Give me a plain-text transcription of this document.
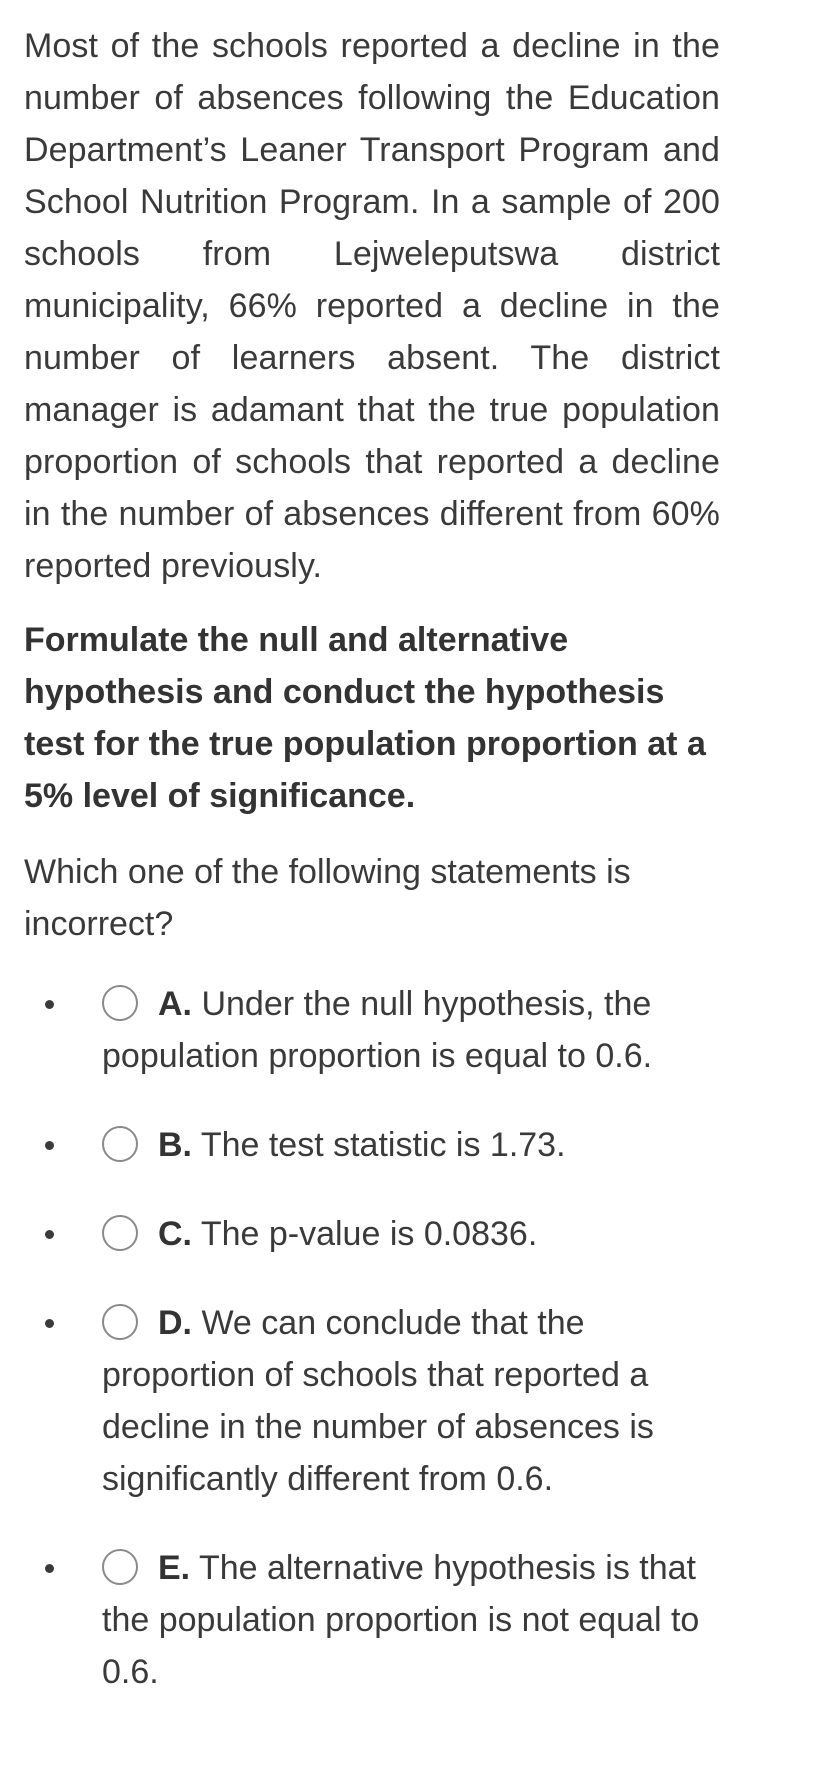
Most of the schools reported a decline in the number of absences following the Education Department’s Leaner Transport Program and School Nutrition Program. In a sample of 200 schools from Lejweleputswa district municipality, 66% reported a decline in the number of learners absent. The district manager is adamant that the true population proportion of schools that reported a decline in the number of absences different from 60% reported previously.

Formulate the null and alternative hypothesis and conduct the hypothesis test for the true population proportion at a 5% level of significance.

Which one of the following statements is incorrect?

A. Under the null hypothesis, the population proportion is equal to 0.6.
B. The test statistic is 1.73.
C. The p-value is 0.0836.
D. We can conclude that the proportion of schools that reported a decline in the number of absences is significantly different from 0.6.
E. The alternative hypothesis is that the population proportion is not equal to 0.6.
